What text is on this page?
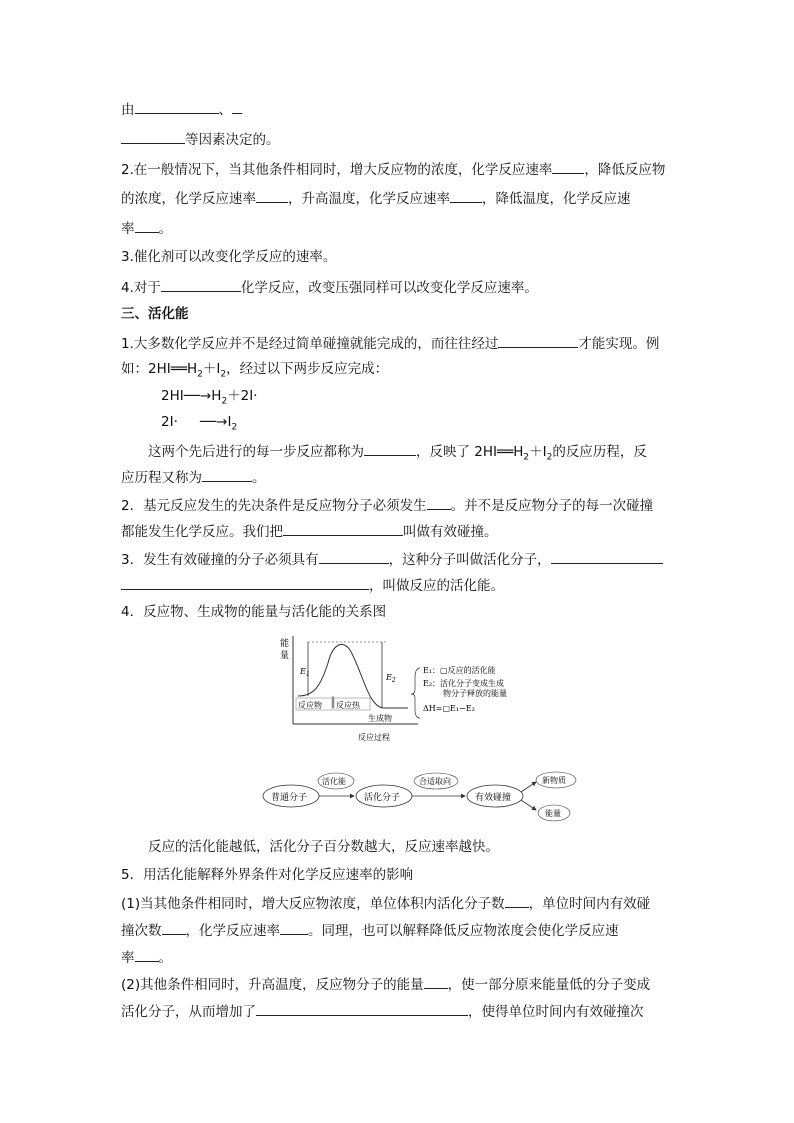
由	、
等因素决定的。
2.在一般情况下，当其他条件相同时，增大反应物的浓度，化学反应速率 ，降低反应物
的浓度，化学反应速率 ，升高温度，化学反应速率 ，降低温度，化学反应速
率 。
3.催化剂可以改变化学反应的速率。
4.对于	化学反应，改变压强同样可以改变化学反应速率。
三、活化能
1.大多数化学反应并不是经过简单碰撞就能完成的，而往往经过	才能实现。例
如：$2HI══H_2+I_2$，经过以下两步反应完成：
$2HI──\to H_2+2I\cdot$
$2I\cdot ──\to I_2$
这两个先后进行的每一步反应都称为	，反映了 $2HI══H_2+I_2$的反应历程，反
应历程又称为	。
2．基元反应发生的先决条件是反应物分子必须发生 。并不是反应物分子的每一次碰撞
都能发生化学反应。我们把	叫做有效碰撞。
3．发生有效碰撞的分子必须具有	，这种分子叫做活化分子，
，叫做反应的活化能。
4．反应物、生成物的能量与活化能的关系图
能
量
$E_1$	$E_2$
反应物 反应热
生成物
反应过程
E₁：▢反应的活化能
E₂：活化分子变成生成
物分子释放的能量
ΔH=▢E₁−E₂
普通分子
活化能
活化分子
合适取向
有效碰撞
新物质
能量
反应的活化能越低，活化分子百分数越大，反应速率越快。
5．用活化能解释外界条件对化学反应速率的影响
(1)当其他条件相同时，增大反应物浓度，单位体积内活化分子数 ，单位时间内有效碰
撞次数 ，化学反应速率 。同理，也可以解释降低反应物浓度会使化学反应速
率 。
(2)其他条件相同时，升高温度，反应物分子的能量 ，使一部分原来能量低的分子变成
活化分子，从而增加了	，使得单位时间内有效碰撞次
